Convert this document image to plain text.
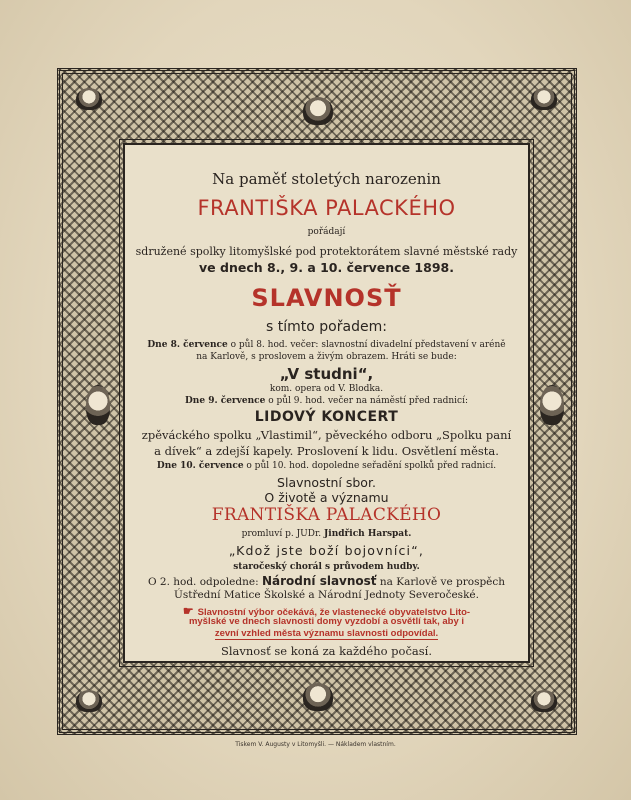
Na paměť stoletých narozenin
FRANTIŠKA PALACKÉHO
pořádají
sdružené spolky litomyšlské pod protektorátem slavné městské rady
ve dnech 8., 9. a 10. července 1898.
SLAVNOSŤ
s tímto pořadem:
Dne 8. července o půl 8. hod. večer: slavnostní divadelní představení v aréně
na Karlově, s proslovem a živým obrazem. Hráti se bude:
„V studni“,
kom. opera od V. Blodka.
Dne 9. července o půl 9. hod. večer na náměstí před radnicí:
LIDOVÝ KONCERT
zpěváckého spolku „Vlastimil“, pěveckého odboru „Spolku paní
a dívek“ a zdejší kapely. Proslovení k lidu. Osvětlení města.
Dne 10. července o půl 10. hod. dopoledne seřadění spolků před radnicí.
Slavnostní sbor.
O životě a významu
FRANTIŠKA PALACKÉHO
promluví p. JUDr. Jindřich Harspat.
„Kdož jste boží bojovníci“,
staročeský chorál s průvodem hudby.
O 2. hod. odpoledne: Národní slavnosť na Karlově ve prospěch
Ústřední Matice Školské a Národní Jednoty Severočeské.
☛ Slavnostní výbor očekává, že vlastenecké obyvatelstvo Lito-
myšlské ve dnech slavnosti domy vyzdobí a osvětlí tak, aby i
zevní vzhled města významu slavnosti odpovídal.
Slavnosť se koná za každého počasí.
Tiskem V. Augusty v Litomyšli. — Nákladem vlastním.
